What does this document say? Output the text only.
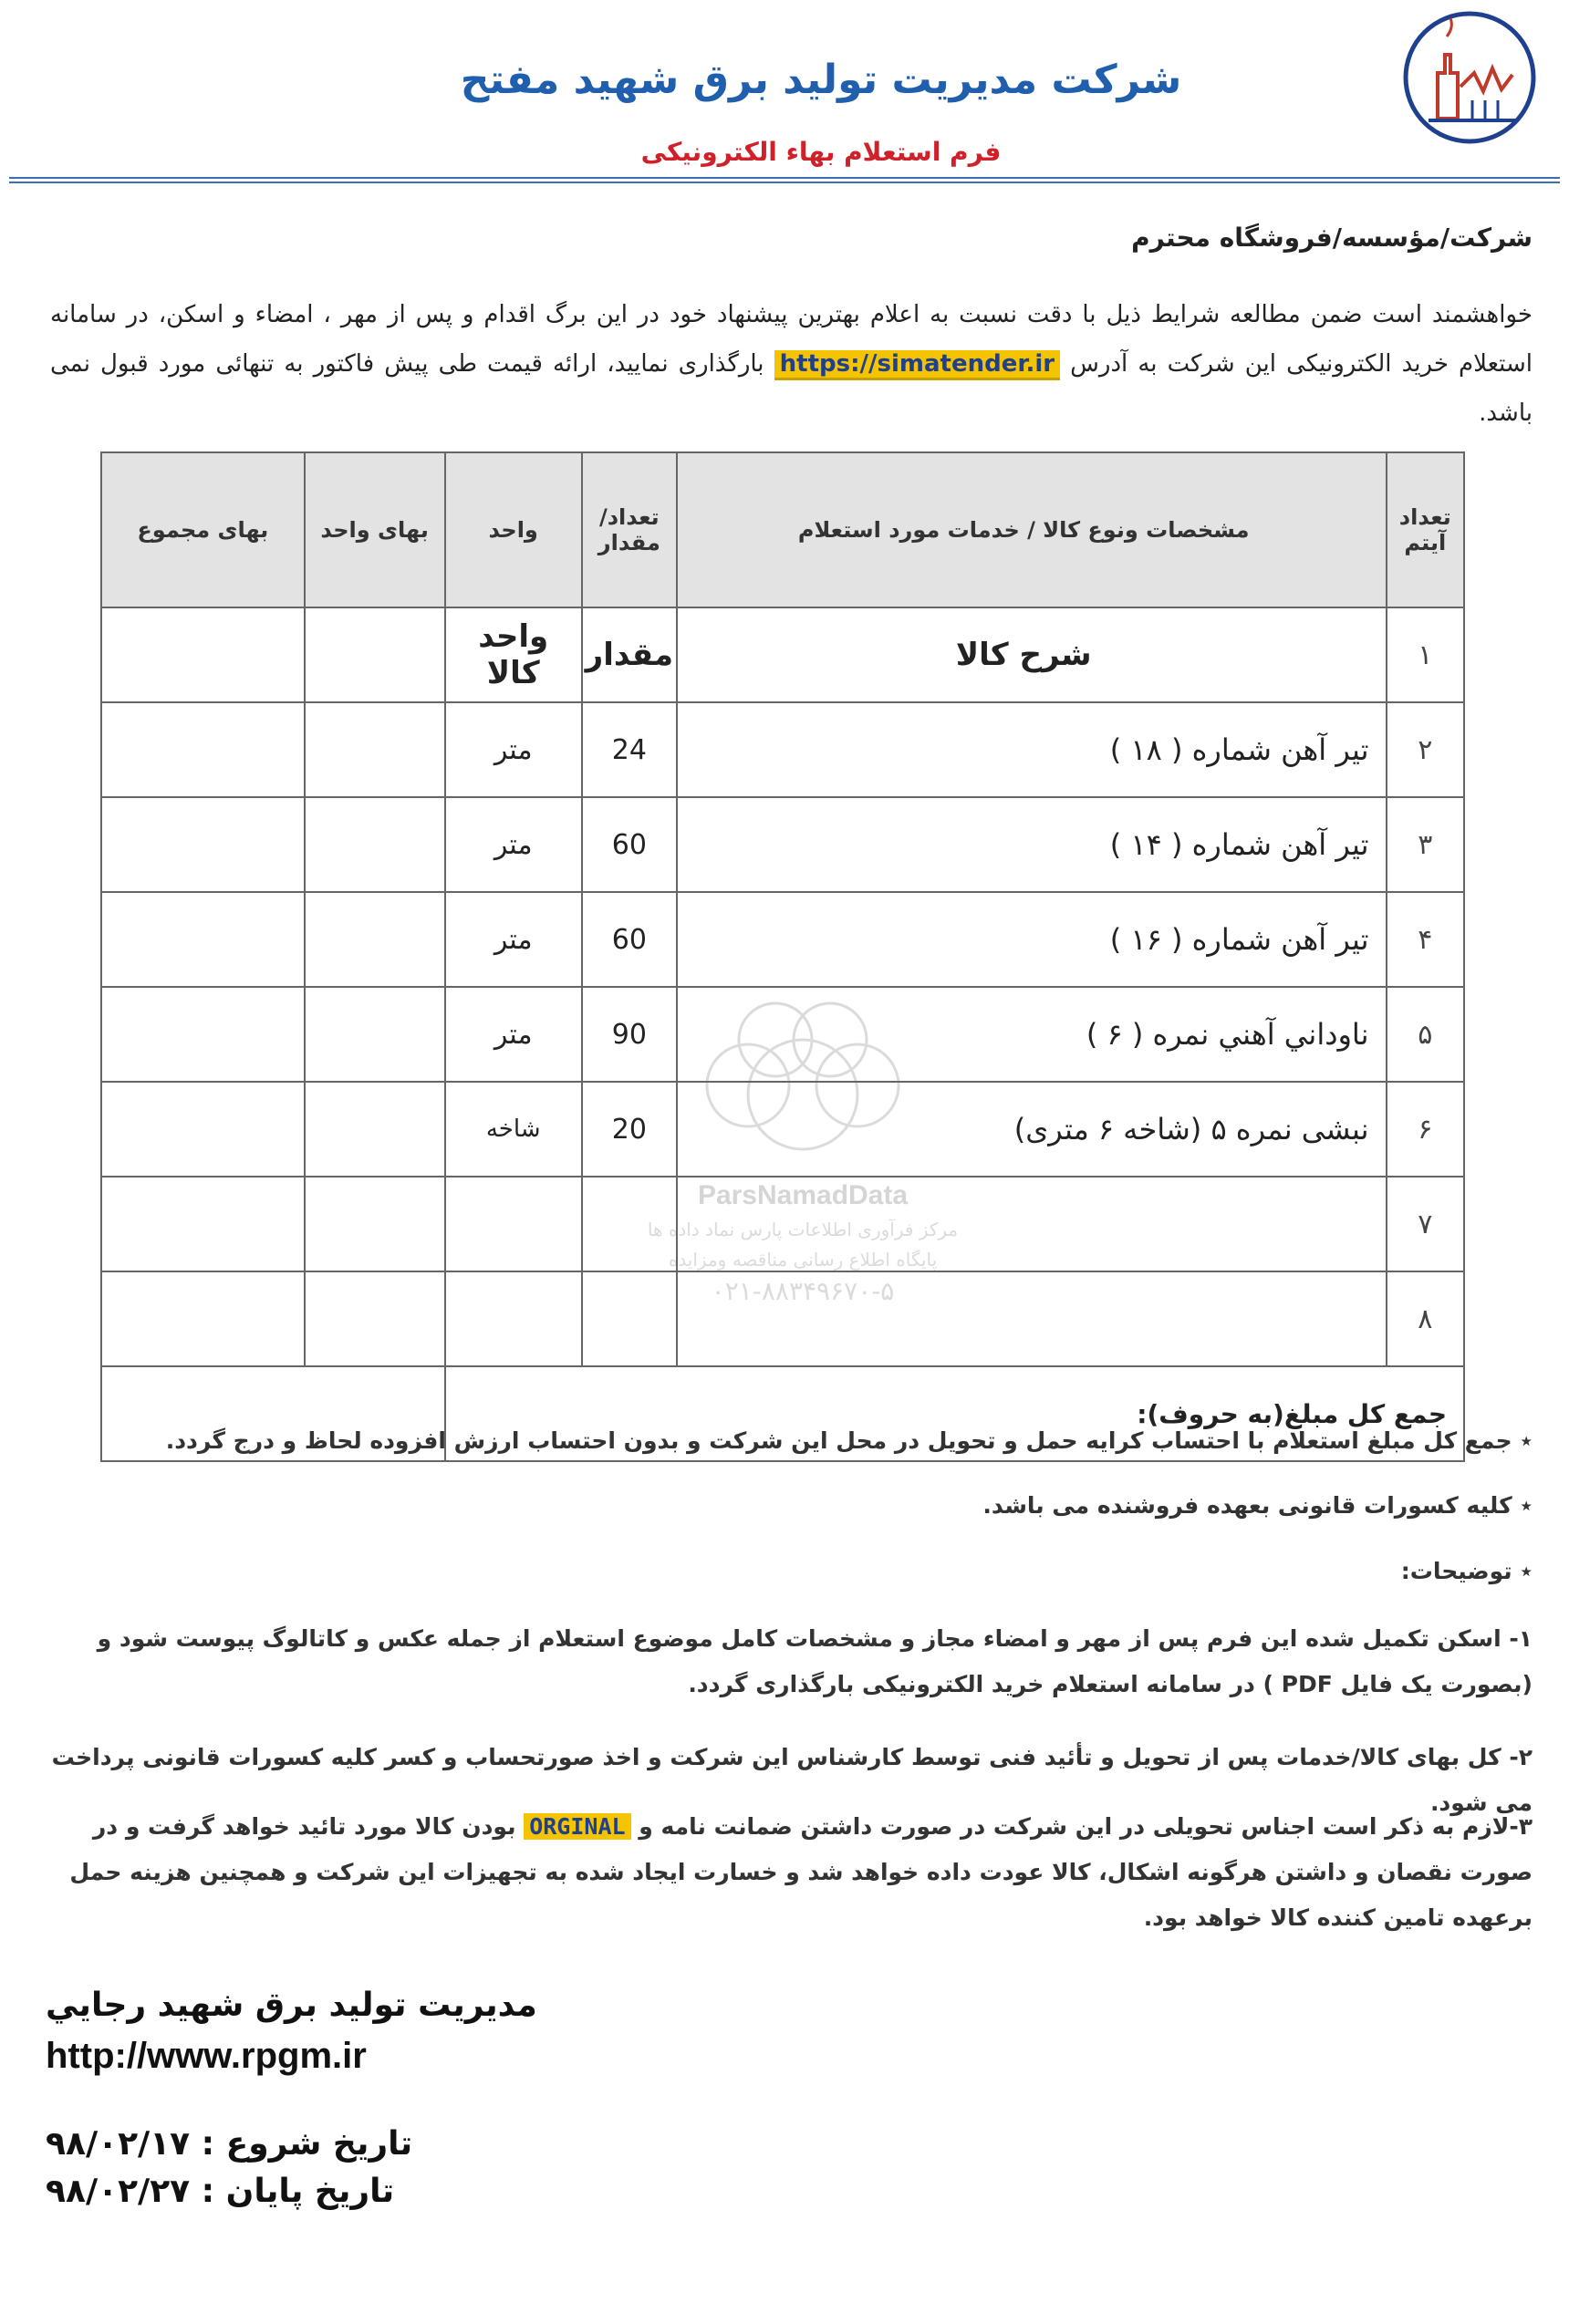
شرکت مدیریت تولید برق شهید مفتح
فرم استعلام بهاء الکترونیکی
شرکت/مؤسسه/فروشگاه محترم
خواهشمند است ضمن مطالعه شرایط ذیل با دقت نسبت به اعلام بهترین پیشنهاد خود در این برگ اقدام و پس از مهر ، امضاء و اسکن، در سامانه استعلام خرید الکترونیکی این شرکت به آدرس https://simatender.ir بارگذاری نمایید، ارائه قیمت طی پیش فاکتور به تنهائی مورد قبول نمی باشد.
ParsNamadData
مرکز فرآوری اطلاعات پارس نماد داده ها
پایگاه اطلاع رسانی مناقصه ومزایده
۰۲۱-۸۸۳۴۹۶۷۰-۵
تعداد آیتم	مشخصات ونوع کالا / خدمات مورد استعلام	تعداد/ مقدار	واحد	بهای واحد	بهای مجموع
۱	شرح کالا	مقدار	واحد کالا		
۲	تیر آهن شماره ( ۱۸ )	24	متر		
۳	تیر آهن شماره ( ۱۴ )	60	متر		
۴	تیر آهن شماره ( ۱۶ )	60	متر		
۵	ناوداني آهني نمره ( ۶ )	90	متر		
۶	نبشی نمره ۵ (شاخه ۶ متری)	20	شاخه		
۷					
۸					
جمع کل مبلغ(به حروف):					
٭ جمع کل مبلغ استعلام با احتساب کرایه حمل و تحویل در محل این شرکت و بدون احتساب ارزش افزوده لحاظ و درج گردد.
٭ کلیه کسورات قانونی بعهده فروشنده می باشد.
٭ توضیحات:
۱- اسکن تکمیل شده این فرم پس از مهر و امضاء مجاز و مشخصات کامل موضوع استعلام از جمله عکس و کاتالوگ پیوست شود و (بصورت یک فایل PDF ) در سامانه استعلام خرید الکترونیکی بارگذاری گردد.
۲- کل بهای کالا/خدمات پس از تحویل و تأئید فنی توسط کارشناس این شرکت و اخذ صورتحساب و کسر کلیه کسورات قانونی پرداخت می شود.
۳-لازم به ذکر است اجناس تحویلی در این شرکت در صورت داشتن ضمانت نامه و ORGINAL بودن کالا مورد تائید خواهد گرفت و در صورت نقصان و داشتن هرگونه اشکال، کالا عودت داده خواهد شد و خسارت ایجاد شده به تجهیزات این شرکت و همچنین هزینه حمل برعهده تامین کننده کالا خواهد بود.
مديريت توليد برق شهيد رجايي
http://www.rpgm.ir
تاريخ شروع : ۹۸/۰۲/۱۷
تاريخ پايان : ۹۸/۰۲/۲۷
